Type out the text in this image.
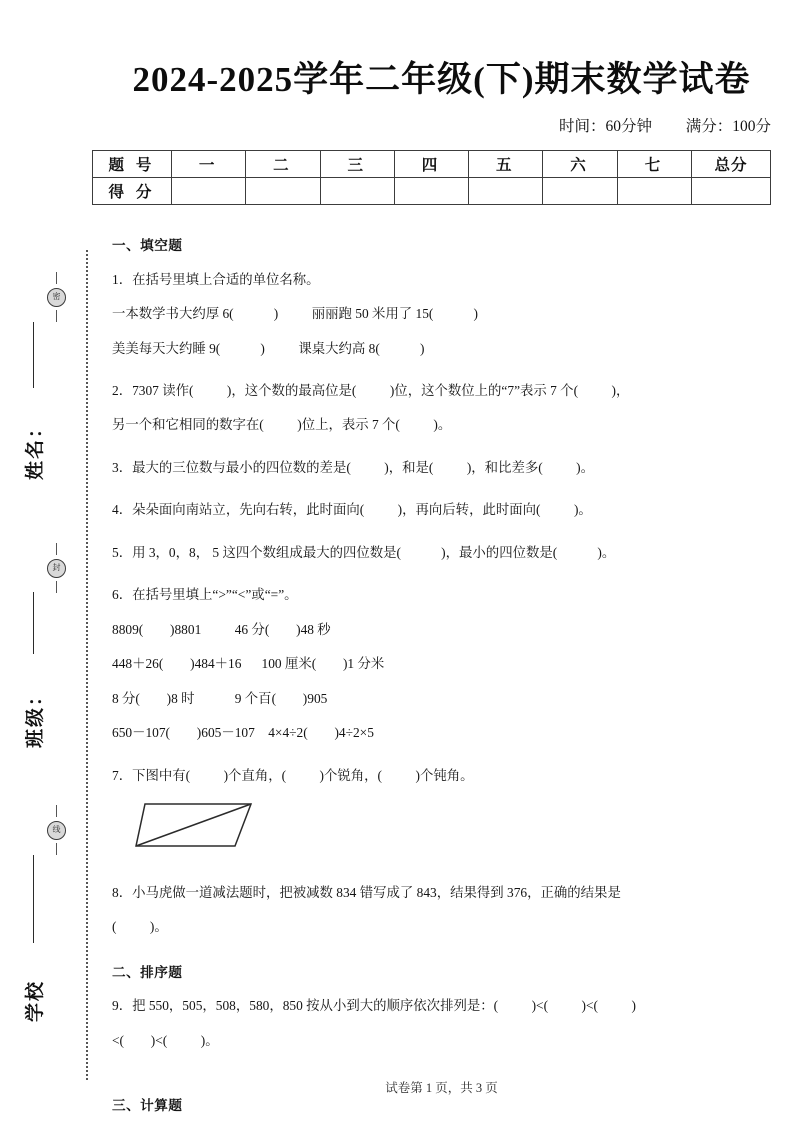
密
封
线
姓名：
班级：
学校
2024-2025学年二年级(下)期末数学试卷
时间：60分钟 满分：100分
题 号	一	二	三	四	五	六	七	总分
得 分								
一、填空题
1．在括号里填上合适的单位名称。
一本数学书大约厚 6(            )          丽丽跑 50 米用了 15(            )
美美每天大约睡 9(            )          课桌大约高 8(            )
2．7307 读作(          )，这个数的最高位是(          )位，这个数位上的“7”表示 7 个(          )，
另一个和它相同的数字在(          )位上，表示 7 个(          )。
3．最大的三位数与最小的四位数的差是(          )，和是(          )，和比差多(          )。
4．朵朵面向南站立，先向右转，此时面向(          )，再向后转，此时面向(          )。
5．用 3，0，8， 5 这四个数组成最大的四位数是(            )，最小的四位数是(            )。
6．在括号里填上“>”“<”或“=”。
8809(        )8801          46 分(        )48 秒
448＋26(        )484＋16      100 厘米(        )1 分米
8 分(        )8 时            9 个百(        )905
650－107(        )605－107    4×4÷2(        )4÷2×5
7．下图中有(          )个直角，(          )个锐角，(          )个钝角。
8．小马虎做一道减法题时，把被减数 834 错写成了 843，结果得到 376，正确的结果是
(          )。
二、排序题
9．把 550，505，508，580，850 按从小到大的顺序依次排列是：(          )<(          )<(          )
<(        )<(          )。
三、计算题
试卷第 1 页，共 3 页
